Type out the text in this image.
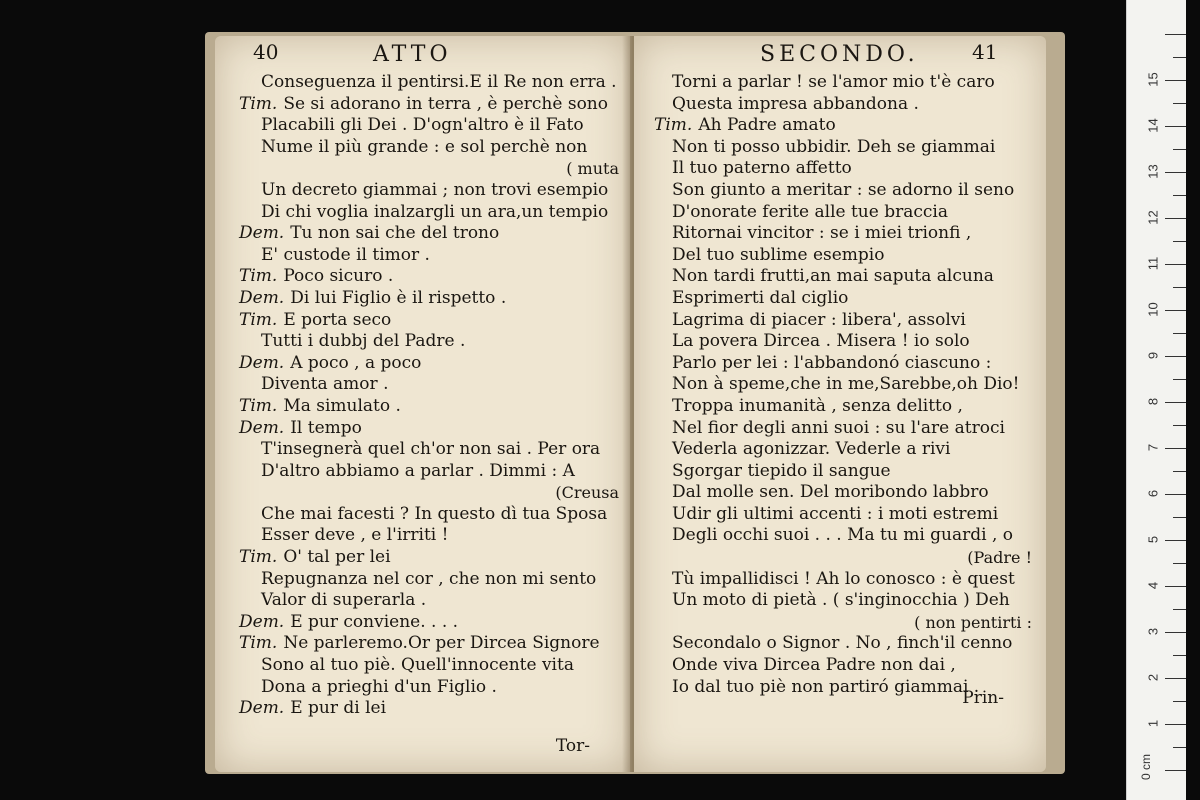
40	ATTO
Conseguenza il pentirsi.E il Re non erra .
Tim. Se si adorano in terra , è perchè sono
Placabili gli Dei . D'ogn'altro è il Fato
Nume il più grande : e sol perchè non
( muta
Un decreto giammai ; non trovi esempio
Di chi voglia inalzargli un ara,un tempio
Dem. Tu non sai che del trono
E' custode il timor .
Tim. Poco sicuro .
Dem. Di lui Figlio è il rispetto .
Tim. E porta seco
Tutti i dubbj del Padre .
Dem. A poco , a poco
Diventa amor .
Tim. Ma simulato .
Dem. Il tempo
T'insegnerà quel ch'or non sai . Per ora
D'altro abbiamo a parlar . Dimmi : A
(Creusa
Che mai facesti ? In questo dì tua Sposa
Esser deve , e l'irriti !
Tim. O' tal per lei
Repugnanza nel cor , che non mi sento
Valor di superarla .
Dem. E pur conviene. . . .
Tim. Ne parleremo.Or per Dircea Signore
Sono al tuo piè. Quell'innocente vita
Dona a prieghi d'un Figlio .
Dem. E pur di lei
Tor-
SECONDO.	41
Torni a parlar ! se l'amor mio t'è caro
Questa impresa abbandona .
Tim. Ah Padre amato
Non ti posso ubbidir. Deh se giammai
Il tuo paterno affetto
Son giunto a meritar : se adorno il seno
D'onorate ferite alle tue braccia
Ritornai vincitor : se i miei trionfi ,
Del tuo sublime esempio
Non tardi frutti,an mai saputa alcuna
Esprimerti dal ciglio
Lagrima di piacer : libera', assolvi
La povera Dircea . Misera ! io solo
Parlo per lei : l'abbandonó ciascuno :
Non à speme,che in me,Sarebbe,oh Dio!
Troppa inumanità , senza delitto ,
Nel fior degli anni suoi : su l'are atroci
Vederla agonizzar. Vederle a rivi
Sgorgar tiepido il sangue
Dal molle sen. Del moribondo labbro
Udir gli ultimi accenti : i moti estremi
Degli occhi suoi . . . Ma tu mi guardi , o
(Padre !
Tù impallidisci ! Ah lo conosco : è quest
Un moto di pietà . ( s'inginocchia ) Deh
( non pentirti :
Secondalo o Signor . No , finch'il cenno
Onde viva Dircea Padre non dai ,
Io dal tuo piè non partiró giammai .
Prin-
0 cm
1
2
3
4
5
6
7
8
9
10
11
12
13
14
15
